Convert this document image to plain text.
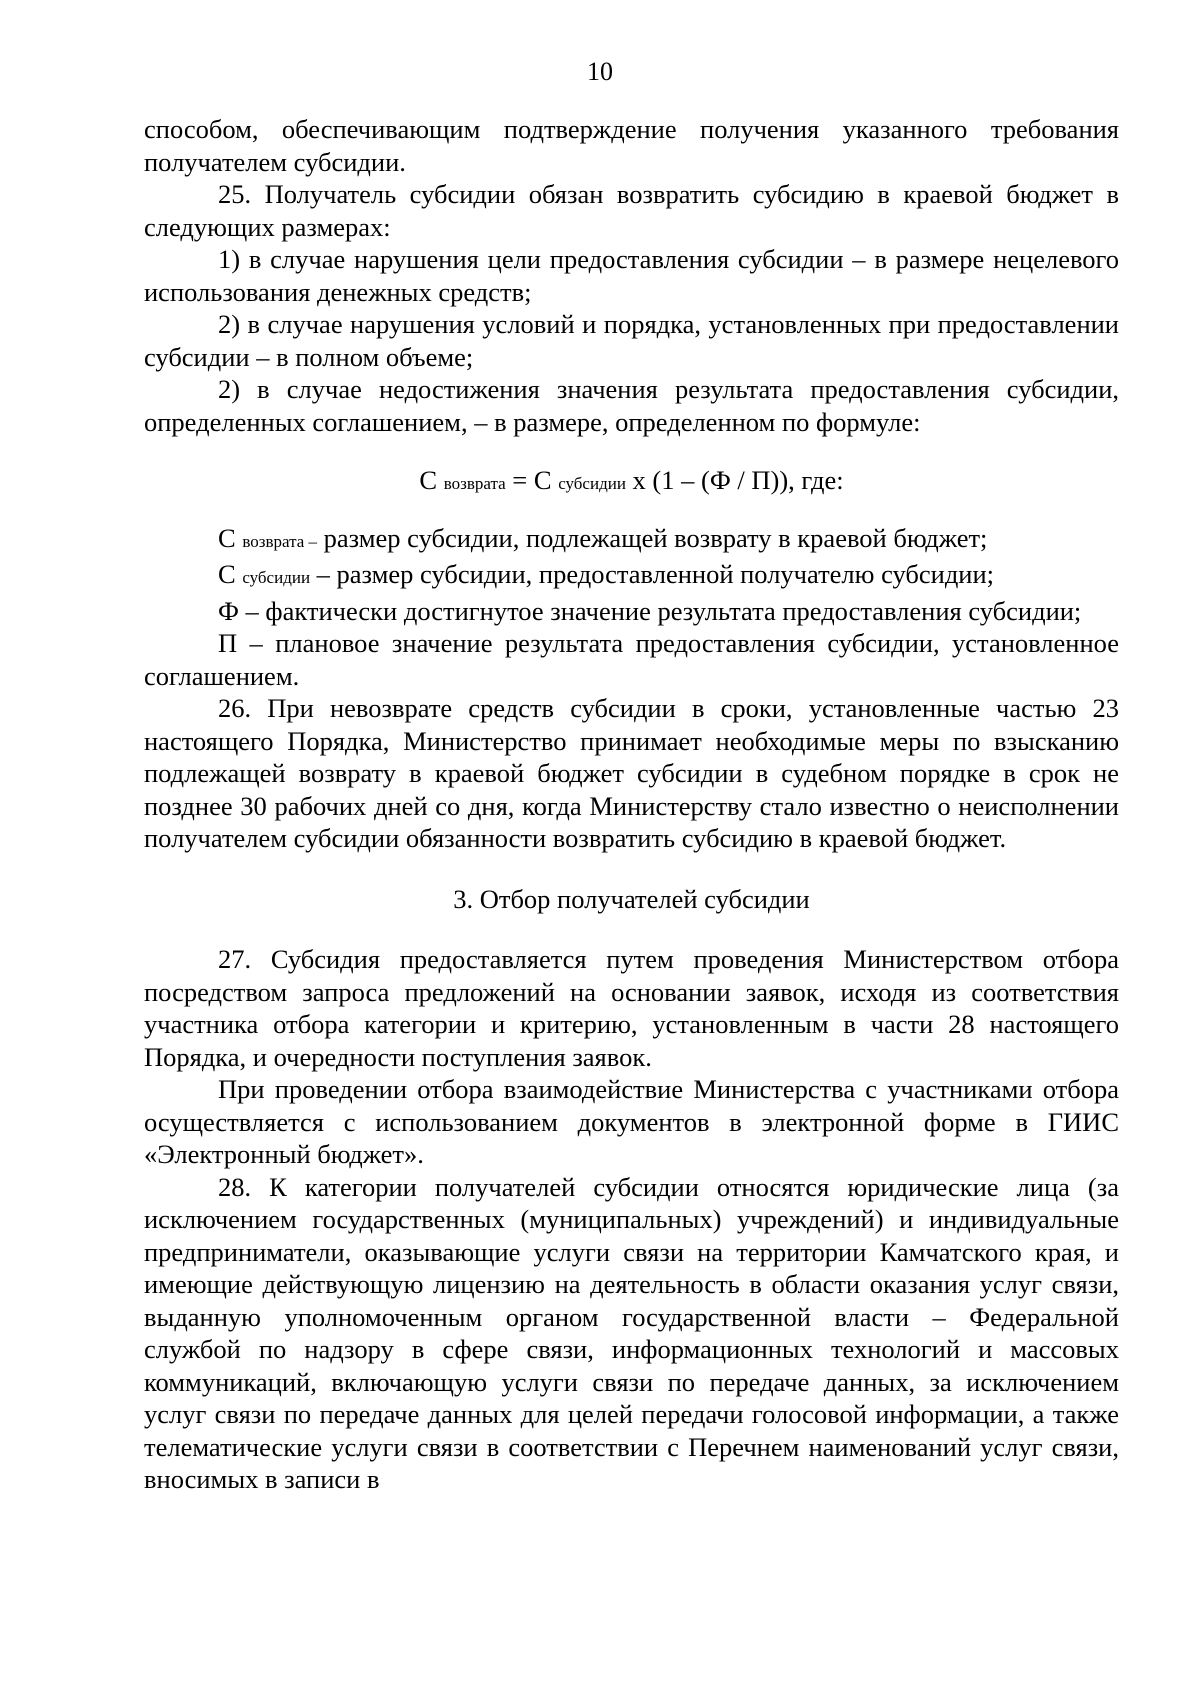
10

способом, обеспечивающим подтверждение получения указанного требования получателем субсидии.

25. Получатель субсидии обязан возвратить субсидию в краевой бюджет в следующих размерах:

1) в случае нарушения цели предоставления субсидии – в размере нецелевого использования денежных средств;

2) в случае нарушения условий и порядка, установленных при предоставлении субсидии – в полном объеме;

2) в случае недостижения значения результата предоставления субсидии, определенных соглашением, – в размере, определенном по формуле:

С возврата = С субсидии х (1 – (Ф / П)), где:

С возврата – размер субсидии, подлежащей возврату в краевой бюджет;

С субсидии – размер субсидии, предоставленной получателю субсидии;

Ф – фактически достигнутое значение результата предоставления субсидии;

П – плановое значение результата предоставления субсидии, установленное соглашением.

26. При невозврате средств субсидии в сроки, установленные частью 23 настоящего Порядка, Министерство принимает необходимые меры по взысканию подлежащей возврату в краевой бюджет субсидии в судебном порядке в срок не позднее 30 рабочих дней со дня, когда Министерству стало известно о неисполнении получателем субсидии обязанности возвратить субсидию в краевой бюджет.

3. Отбор получателей субсидии

27. Субсидия предоставляется путем проведения Министерством отбора посредством запроса предложений на основании заявок, исходя из соответствия участника отбора категории и критерию, установленным в части 28 настоящего Порядка, и очередности поступления заявок.

При проведении отбора взаимодействие Министерства с участниками отбора осуществляется с использованием документов в электронной форме в ГИИС «Электронный бюджет».

28. К категории получателей субсидии относятся юридические лица (за исключением государственных (муниципальных) учреждений) и индивидуальные предприниматели, оказывающие услуги связи на территории Камчатского края, и имеющие действующую лицензию на деятельность в области оказания услуг связи, выданную уполномоченным органом государственной власти – Федеральной службой по надзору в сфере связи, информационных технологий и массовых коммуникаций, включающую услуги связи по передаче данных, за исключением услуг связи по передаче данных для целей передачи голосовой информации, а также телематические услуги связи в соответствии с Перечнем наименований услуг связи, вносимых в записи в
